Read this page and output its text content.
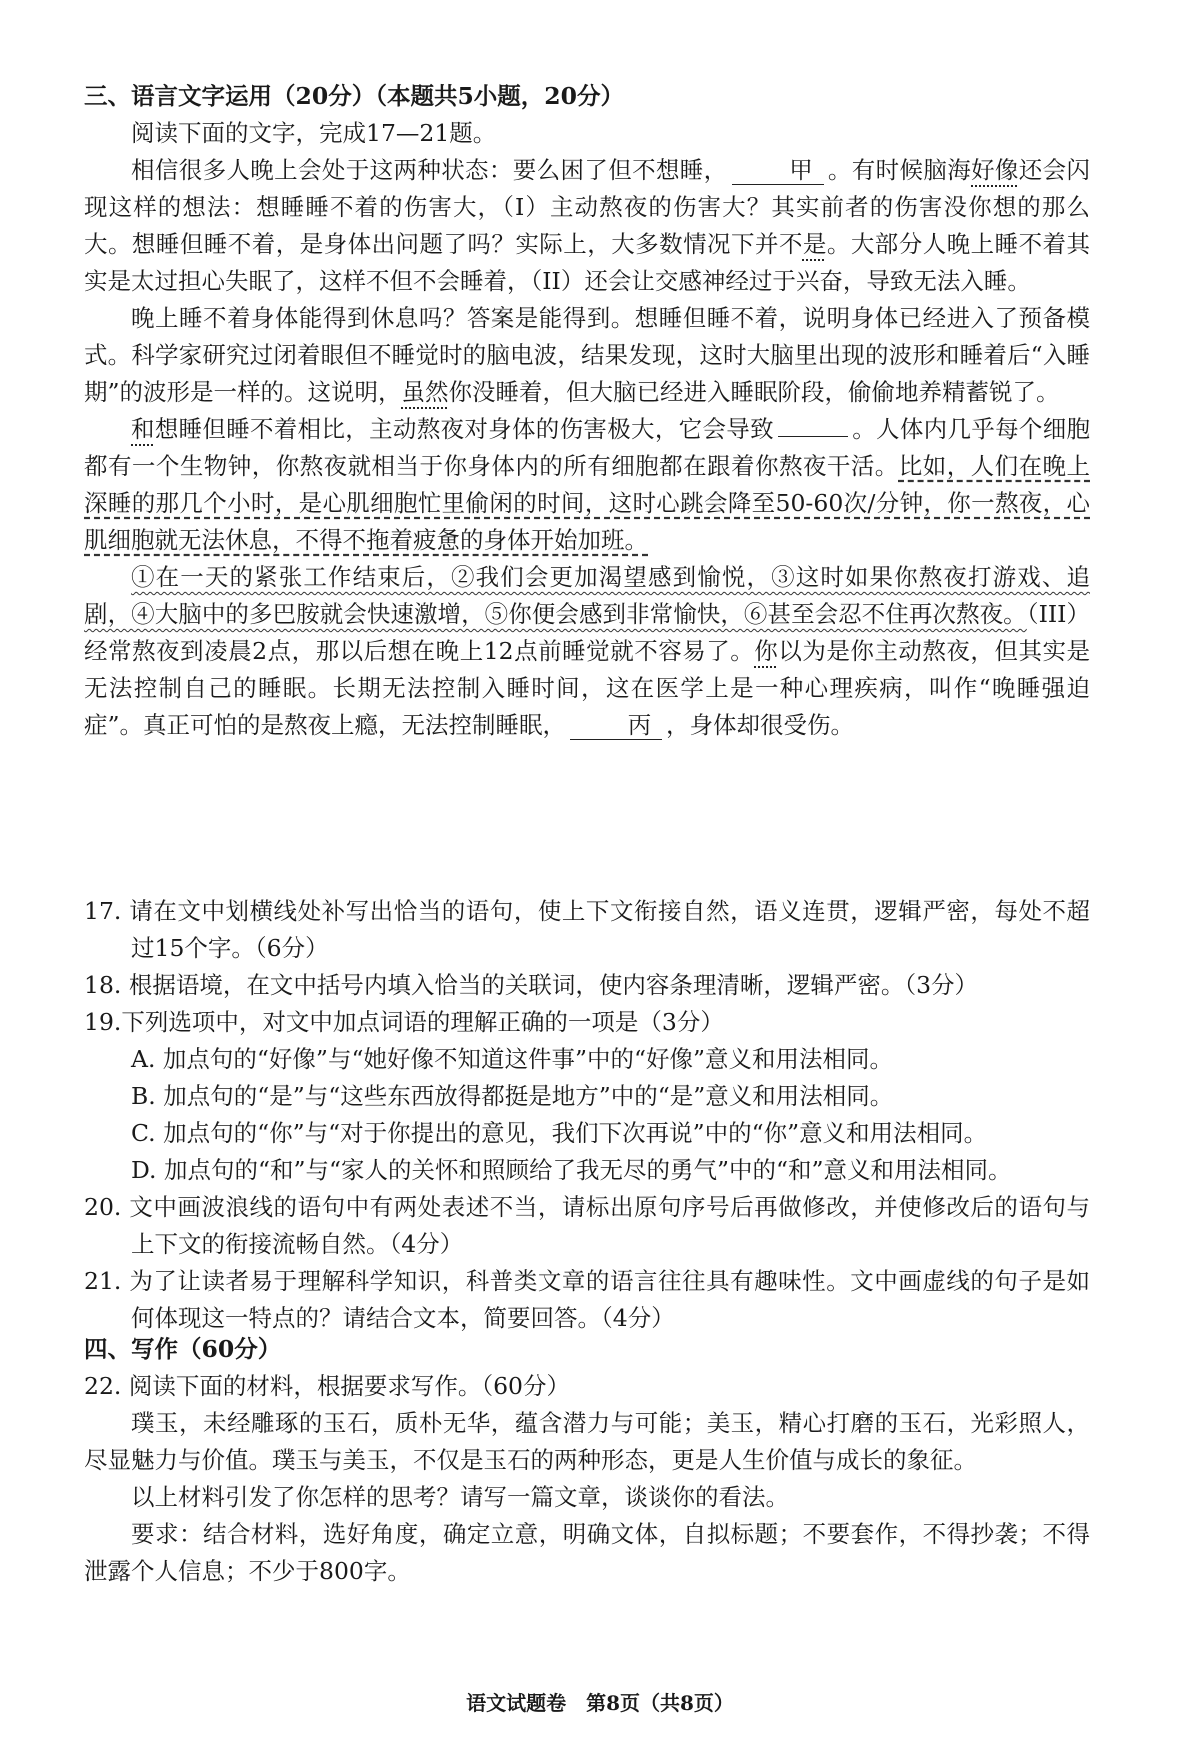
三、语言文字运用（20分）（本题共5小题，20分）

阅读下面的文字，完成17—21题。

相信很多人晚上会处于这两种状态：要么困了但不想睡，	甲 。有时候脑海好像还会闪现这样的想法：想睡睡不着的伤害大，（I）主动熬夜的伤害大？其实前者的伤害没你想的那么大。想睡但睡不着，是身体出问题了吗？实际上，大多数情况下并不是。大部分人晚上睡不着其实是太过担心失眠了，这样不但不会睡着，（II）还会让交感神经过于兴奋，导致无法入睡。

晚上睡不着身体能得到休息吗？答案是能得到。想睡但睡不着，说明身体已经进入了预备模式。科学家研究过闭着眼但不睡觉时的脑电波，结果发现，这时大脑里出现的波形和睡着后“入睡期”的波形是一样的。这说明，虽然你没睡着，但大脑已经进入睡眠阶段，偷偷地养精蓄锐了。

和想睡但睡不着相比，主动熬夜对身体的伤害极大，它会导致	。人体内几乎每个细胞都有一个生物钟，你熬夜就相当于你身体内的所有细胞都在跟着你熬夜干活。比如，人们在晚上深睡的那几个小时，是心肌细胞忙里偷闲的时间，这时心跳会降至50-60次/分钟，你一熬夜，心肌细胞就无法休息，不得不拖着疲惫的身体开始加班。

①在一天的紧张工作结束后，②我们会更加渴望感到愉悦，③这时如果你熬夜打游戏、追剧，④大脑中的多巴胺就会快速激增，⑤你便会感到非常愉快，⑥甚至会忍不住再次熬夜。（III）经常熬夜到凌晨2点，那以后想在晚上12点前睡觉就不容易了。你以为是你主动熬夜，但其实是无法控制自己的睡眠。长期无法控制入睡时间，这在医学上是一种心理疾病，叫作“晚睡强迫症”。真正可怕的是熬夜上瘾，无法控制睡眠，	丙 ，身体却很受伤。

17. 请在文中划横线处补写出恰当的语句，使上下文衔接自然，语义连贯，逻辑严密，每处不超过15个字。（6分）

18. 根据语境，在文中括号内填入恰当的关联词，使内容条理清晰，逻辑严密。（3分）

19.下列选项中，对文中加点词语的理解正确的一项是（3分）

A. 加点句的“好像”与“她好像不知道这件事”中的“好像”意义和用法相同。

B. 加点句的“是”与“这些东西放得都挺是地方”中的“是”意义和用法相同。

C. 加点句的“你”与“对于你提出的意见，我们下次再说”中的“你”意义和用法相同。

D. 加点句的“和”与“家人的关怀和照顾给了我无尽的勇气”中的“和”意义和用法相同。

20. 文中画波浪线的语句中有两处表述不当，请标出原句序号后再做修改，并使修改后的语句与上下文的衔接流畅自然。（4分）

21. 为了让读者易于理解科学知识，科普类文章的语言往往具有趣味性。文中画虚线的句子是如何体现这一特点的？请结合文本，简要回答。（4分）

四、写作（60分）

22. 阅读下面的材料，根据要求写作。（60分）

璞玉，未经雕琢的玉石，质朴无华，蕴含潜力与可能；美玉，精心打磨的玉石，光彩照人，尽显魅力与价值。璞玉与美玉，不仅是玉石的两种形态，更是人生价值与成长的象征。

以上材料引发了你怎样的思考？请写一篇文章，谈谈你的看法。

要求：结合材料，选好角度，确定立意，明确文体，自拟标题；不要套作，不得抄袭；不得泄露个人信息；不少于800字。

语文试题卷　第8页（共8页）
